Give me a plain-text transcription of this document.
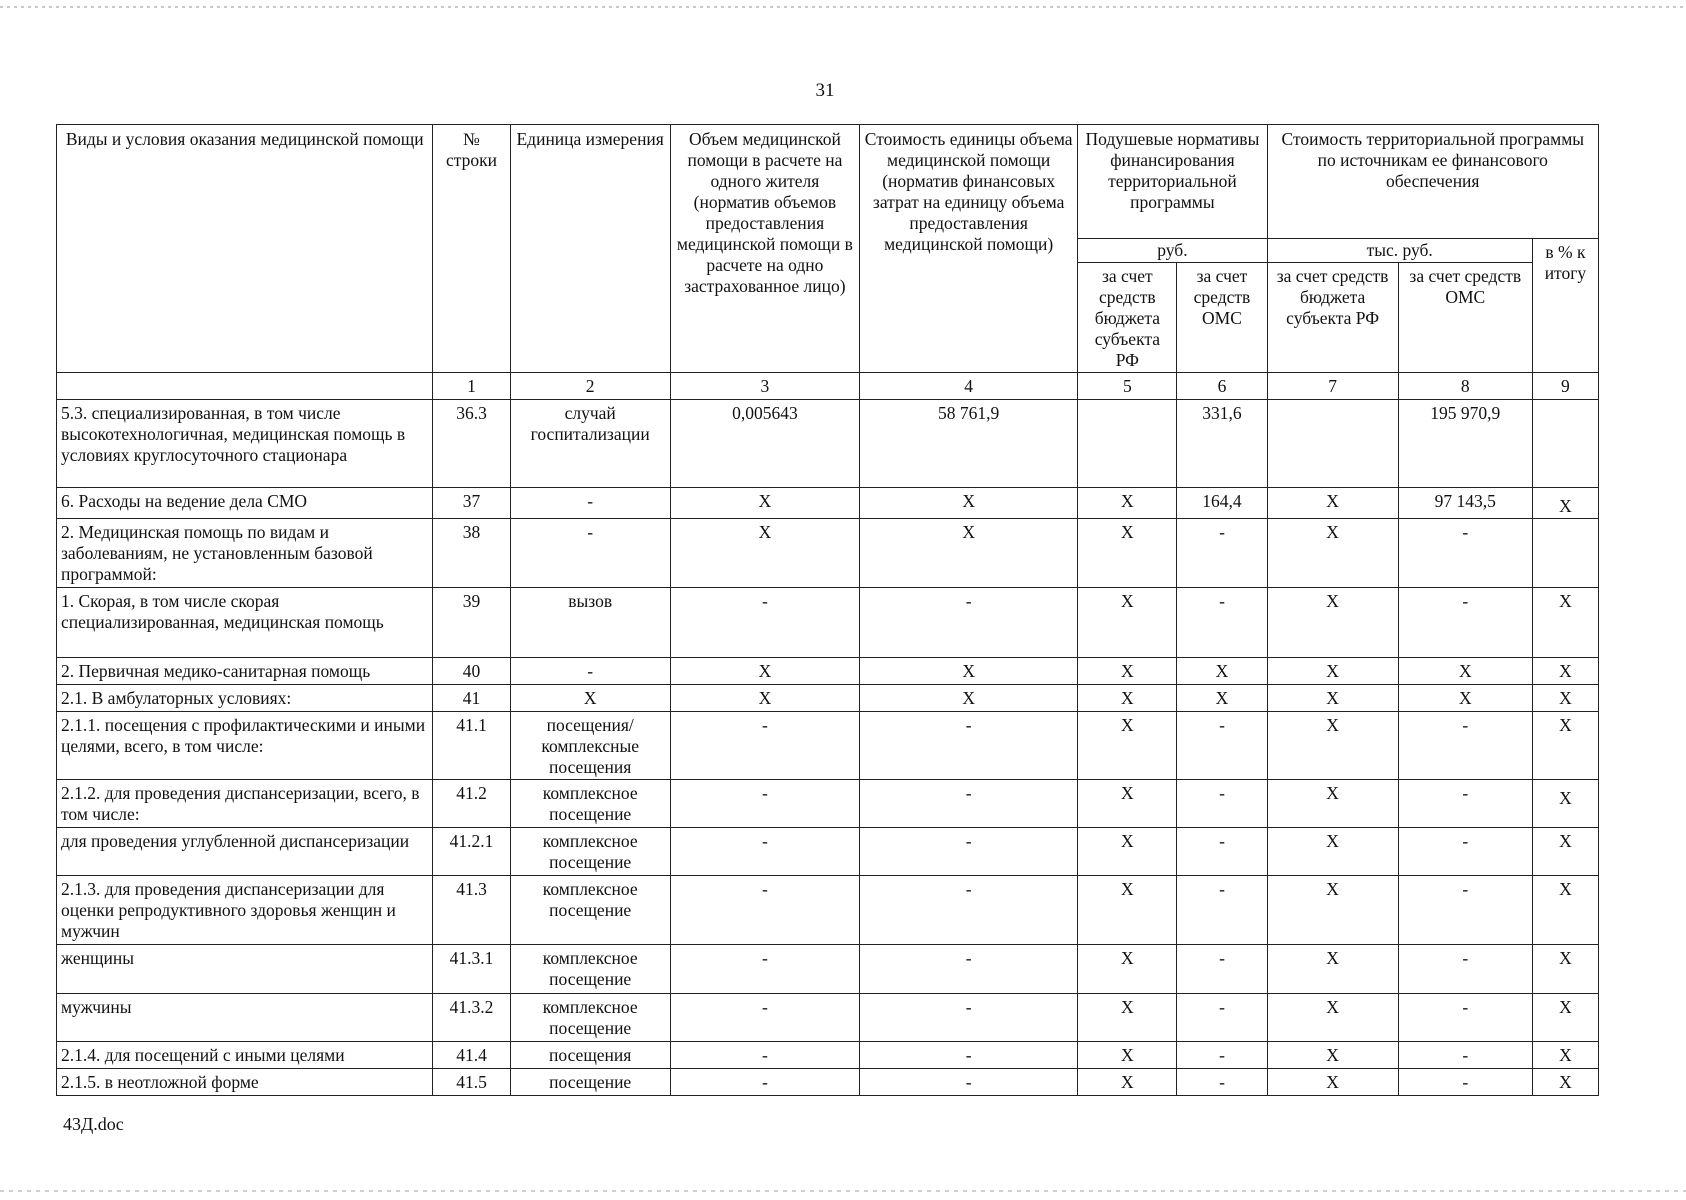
31
Виды и условия оказания медицинской помощи	№ строки	Единица измерения	Объем медицинской помощи в расчете на одного жителя (норматив объемов предоставления медицинской помощи в расчете на одно застрахованное лицо)	Стоимость единицы объема медицинской помощи (норматив финансовых затрат на единицу объема предоставления медицинской помощи)	Подушевые нормативы финансирования территориальной программы		Стоимость территориальной программы по источникам ее финансового обеспечения		
					руб.		тыс. руб.		в % к итогу
					за счет средств бюджета субъекта РФ	за счет средств ОМС	за счет средств бюджета субъекта РФ	за счет средств ОМС	
	1	2	3	4	5	6	7	8	9
5.3. специализированная, в том числе высокотехнологичная, медицинская помощь в условиях круглосуточного стационара	36.3	случай госпитализации	0,005643	58 761,9		331,6		195 970,9	
6. Расходы на ведение дела СМО	37	-	X	X	X	164,4	X	97 143,5	X
2. Медицинская помощь по видам и заболеваниям, не установленным базовой программой:	38	-	X	X	X	-	X	-	
1. Скорая, в том числе скорая специализированная, медицинская помощь	39	вызов	-	-	X	-	X	-	X
2. Первичная медико-санитарная помощь	40	-	X	X	X	X	X	X	X
2.1. В амбулаторных условиях:	41	X	X	X	X	X	X	X	X
2.1.1. посещения с профилактическими и иными целями, всего, в том числе:	41.1	посещения/ комплексные посещения	-	-	X	-	X	-	X
2.1.2. для проведения диспансеризации, всего, в том числе:	41.2	комплексное посещение	-	-	X	-	X	-	X
для проведения углубленной диспансеризации	41.2.1	комплексное посещение	-	-	X	-	X	-	X
2.1.3. для проведения диспансеризации для оценки репродуктивного здоровья женщин и мужчин	41.3	комплексное посещение	-	-	X	-	X	-	X
женщины	41.3.1	комплексное посещение	-	-	X	-	X	-	X
мужчины	41.3.2	комплексное посещение	-	-	X	-	X	-	X
2.1.4. для посещений с иными целями	41.4	посещения	-	-	X	-	X	-	X
2.1.5. в неотложной форме	41.5	посещение	-	-	X	-	X	-	X
43Д.doc
